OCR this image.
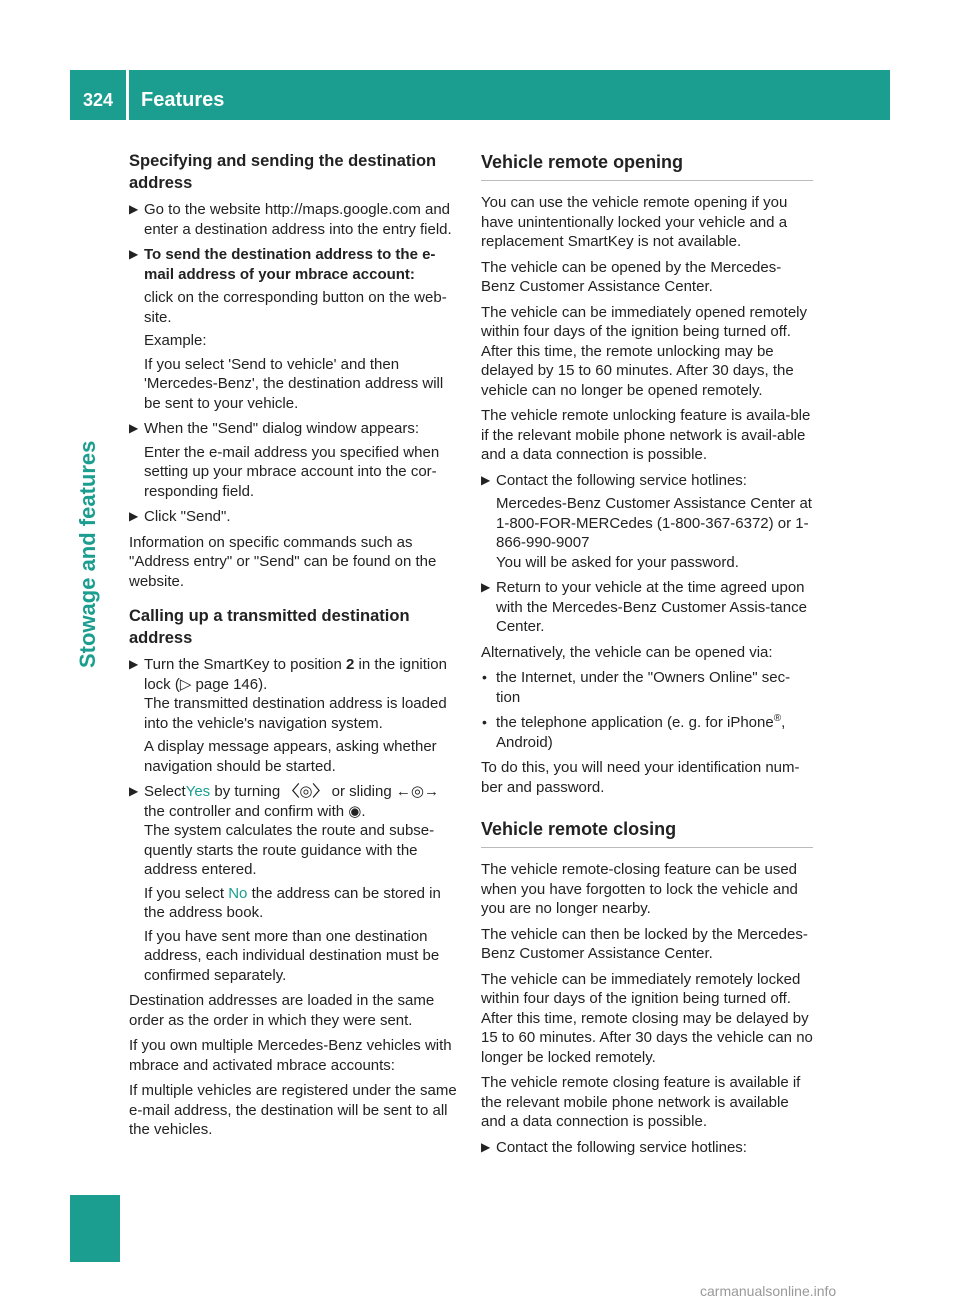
324	Features
Stowage and features
Specifying and sending the destination address
▶ Go to the website http://maps.google.com and enter a destination address into the entry field.

▶ To send the destination address to the e-mail address of your mbrace account:

click on the corresponding button on the web-site.

Example:

If you select 'Send to vehicle' and then 'Mercedes-Benz', the destination address will be sent to your vehicle.

▶ When the "Send" dialog window appears:

Enter the e-mail address you specified when setting up your mbrace account into the cor-responding field.

▶ Click "Send".

Information on specific commands such as "Address entry" or "Send" can be found on the website.

Calling up a transmitted destination address
▶ Turn the SmartKey to position 2 in the ignition lock (▷ page 146).
The transmitted destination address is loaded into the vehicle's navigation system.

A display message appears, asking whether navigation should be started.

▶ SelectYes by turning 〈◎〉 or sliding ←◎→ the controller and confirm with ◉.
The system calculates the route and subse-quently starts the route guidance with the address entered.

If you select No the address can be stored in the address book.

If you have sent more than one destination address, each individual destination must be confirmed separately.

Destination addresses are loaded in the same order as the order in which they were sent.

If you own multiple Mercedes-Benz vehicles with mbrace and activated mbrace accounts:

If multiple vehicles are registered under the same e-mail address, the destination will be sent to all the vehicles.

Vehicle remote opening

You can use the vehicle remote opening if you have unintentionally locked your vehicle and a replacement SmartKey is not available.

The vehicle can be opened by the Mercedes-Benz Customer Assistance Center.

The vehicle can be immediately opened remotely within four days of the ignition being turned off. After this time, the remote unlocking may be delayed by 15 to 60 minutes. After 30 days, the vehicle can no longer be opened remotely.

The vehicle remote unlocking feature is availa-ble if the relevant mobile phone network is avail-able and a data connection is possible.

▶ Contact the following service hotlines:

Mercedes-Benz Customer Assistance Center at 1-800-FOR-MERCedes (1-800-367-6372) or 1-866-990-9007
You will be asked for your password.

▶ Return to your vehicle at the time agreed upon with the Mercedes-Benz Customer Assis-tance Center.

Alternatively, the vehicle can be opened via:

• the Internet, under the "Owners Online" sec-tion
• the telephone application (e. g. for iPhone®, Android)

To do this, you will need your identification num-ber and password.

Vehicle remote closing

The vehicle remote-closing feature can be used when you have forgotten to lock the vehicle and you are no longer nearby.

The vehicle can then be locked by the Mercedes-Benz Customer Assistance Center.

The vehicle can be immediately remotely locked within four days of the ignition being turned off. After this time, remote closing may be delayed by 15 to 60 minutes. After 30 days the vehicle can no longer be locked remotely.

The vehicle remote closing feature is available if the relevant mobile phone network is available and a data connection is possible.

▶ Contact the following service hotlines:

carmanualsonline.info
